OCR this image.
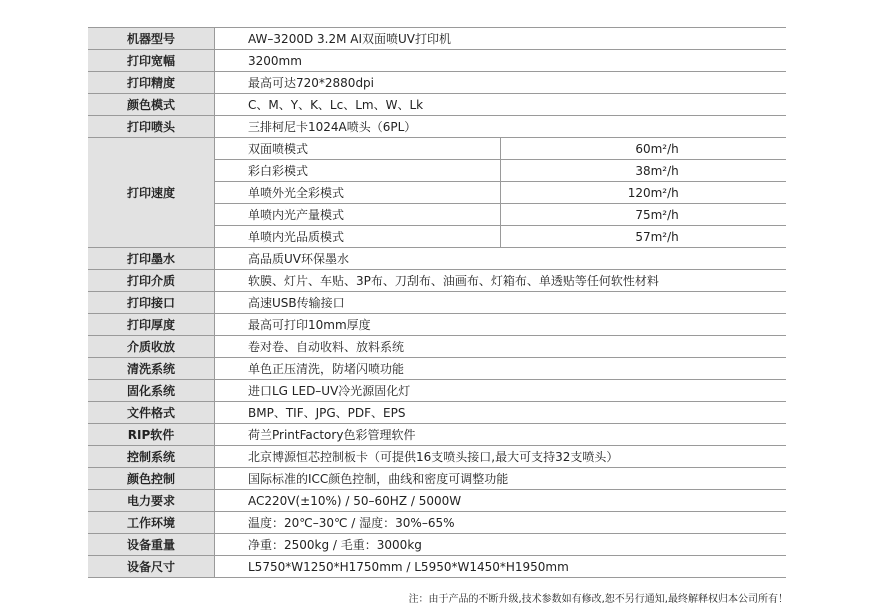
机器型号	AW–3200D 3.2M AI双面喷UV打印机	
打印宽幅	3200mm	
打印精度	最高可达720*2880dpi	
颜色模式	C、M、Y、K、Lc、Lm、W、Lk	
打印喷头	三排柯尼卡1024A喷头（6PL）	
打印速度	双面喷模式	60m²/h
	彩白彩模式	38m²/h
	单喷外光全彩模式	120m²/h
	单喷内光产量模式	75m²/h
	单喷内光品质模式	57m²/h
打印墨水	高品质UV环保墨水	
打印介质	软膜、灯片、车贴、3P布、刀刮布、油画布、灯箱布、单透贴等任何软性材料	
打印接口	高速USB传输接口	
打印厚度	最高可打印10mm厚度	
介质收放	卷对卷、自动收料、放料系统	
清洗系统	单色正压清洗，防堵闪喷功能	
固化系统	进口LG LED–UV冷光源固化灯	
文件格式	BMP、TIF、JPG、PDF、EPS	
RIP软件	荷兰PrintFactory色彩管理软件	
控制系统	北京博源恒芯控制板卡（可提供16支喷头接口,最大可支持32支喷头）	
颜色控制	国际标准的ICC颜色控制，曲线和密度可调整功能	
电力要求	AC220V(±10%) / 50–60HZ / 5000W	
工作环境	温度：20℃–30℃ / 湿度：30%–65%	
设备重量	净重：2500kg / 毛重：3000kg	
设备尺寸	L5750*W1250*H1750mm / L5950*W1450*H1950mm	
注：由于产品的不断升级,技术参数如有修改,恕不另行通知,最终解释权归本公司所有！
